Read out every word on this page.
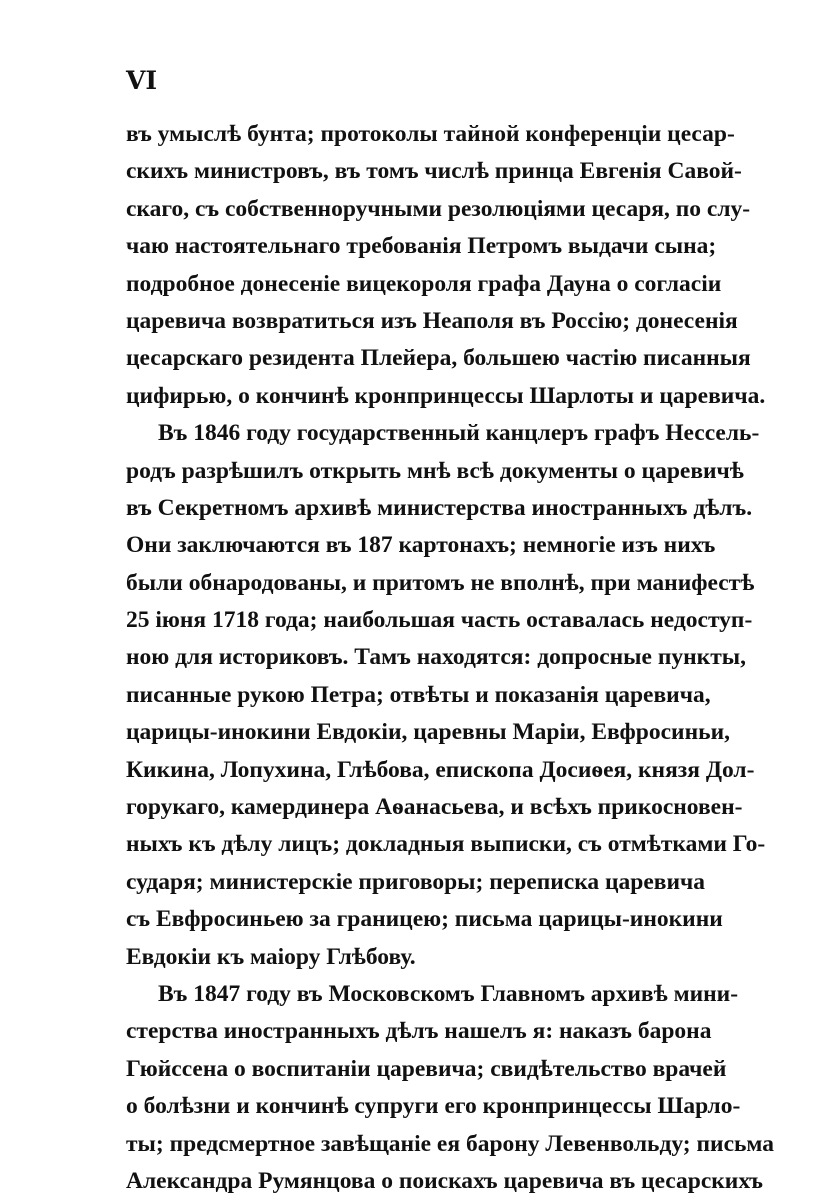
VI
въ умыслѣ бунта; протоколы тайной конференціи цесар-
скихъ министровъ, въ томъ числѣ принца Евгенія Савой-
скаго, съ собственноручными резолюціями цесаря, по слу-
чаю настоятельнаго требованія Петромъ выдачи сына;
подробное донесеніе вицекороля графа Дауна о согласіи
царевича возвратиться изъ Неаполя въ Россію; донесенія
цесарскаго резидента Плейера, большею частію писанныя
цифирью, о кончинѣ кронпринцессы Шарлоты и царевича.
Въ 1846 году государственный канцлеръ графъ Нессель-
родъ разрѣшилъ открыть мнѣ всѣ документы о царевичѣ
въ Секретномъ архивѣ министерства иностранныхъ дѣлъ.
Они заключаются въ 187 картонахъ; немногіе изъ нихъ
были обнародованы, и притомъ не вполнѣ, при манифестѣ
25 іюня 1718 года; наибольшая часть оставалась недоступ-
ною для историковъ. Тамъ находятся: допросные пункты,
писанные рукою Петра; отвѣты и показанія царевича,
царицы-инокини Евдокіи, царевны Маріи, Евфросиньи,
Кикина, Лопухина, Глѣбова, епископа Досиѳея, князя Дол-
горукаго, камердинера Аѳанасьева, и всѣхъ прикосновен-
ныхъ къ дѣлу лицъ; докладныя выписки, съ отмѣтками Го-
сударя; министерскіе приговоры; переписка царевича
съ Евфросиньею за границею; письма царицы-инокини
Евдокіи къ маіору Глѣбову.
Въ 1847 году въ Московскомъ Главномъ архивѣ мини-
стерства иностранныхъ дѣлъ нашелъ я: наказъ барона
Гюйссена о воспитаніи царевича; свидѣтельство врачей
о болѣзни и кончинѣ супруги его кронпринцессы Шарло-
ты; предсмертное завѣщаніе ея барону Левенвольду; письма
Александра Румянцова о поискахъ царевича въ цесарскихъ
